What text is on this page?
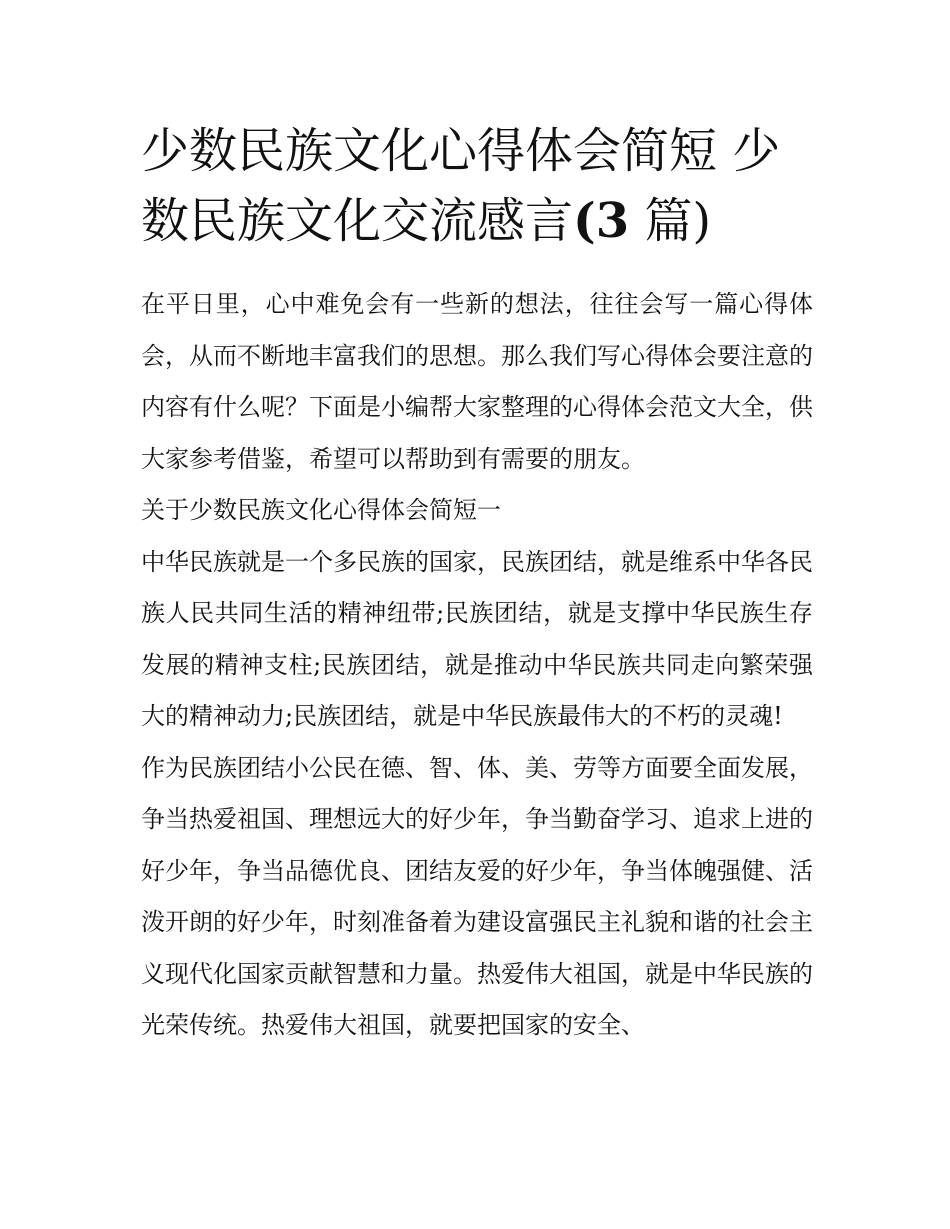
少数民族文化心得体会简短 少数民族文化交流感言(3 篇)

在平日里，心中难免会有一些新的想法，往往会写一篇心得体会，从而不断地丰富我们的思想。那么我们写心得体会要注意的内容有什么呢？下面是小编帮大家整理的心得体会范文大全，供大家参考借鉴，希望可以帮助到有需要的朋友。

关于少数民族文化心得体会简短一

中华民族就是一个多民族的国家，民族团结，就是维系中华各民族人民共同生活的精神纽带;民族团结，就是支撑中华民族生存发展的精神支柱;民族团结，就是推动中华民族共同走向繁荣强大的精神动力;民族团结，就是中华民族最伟大的不朽的灵魂!

作为民族团结小公民在德、智、体、美、劳等方面要全面发展，争当热爱祖国、理想远大的好少年，争当勤奋学习、追求上进的好少年，争当品德优良、团结友爱的好少年，争当体魄强健、活泼开朗的好少年，时刻准备着为建设富强民主礼貌和谐的社会主义现代化国家贡献智慧和力量。热爱伟大祖国，就是中华民族的光荣传统。热爱伟大祖国，就要把国家的安全、
